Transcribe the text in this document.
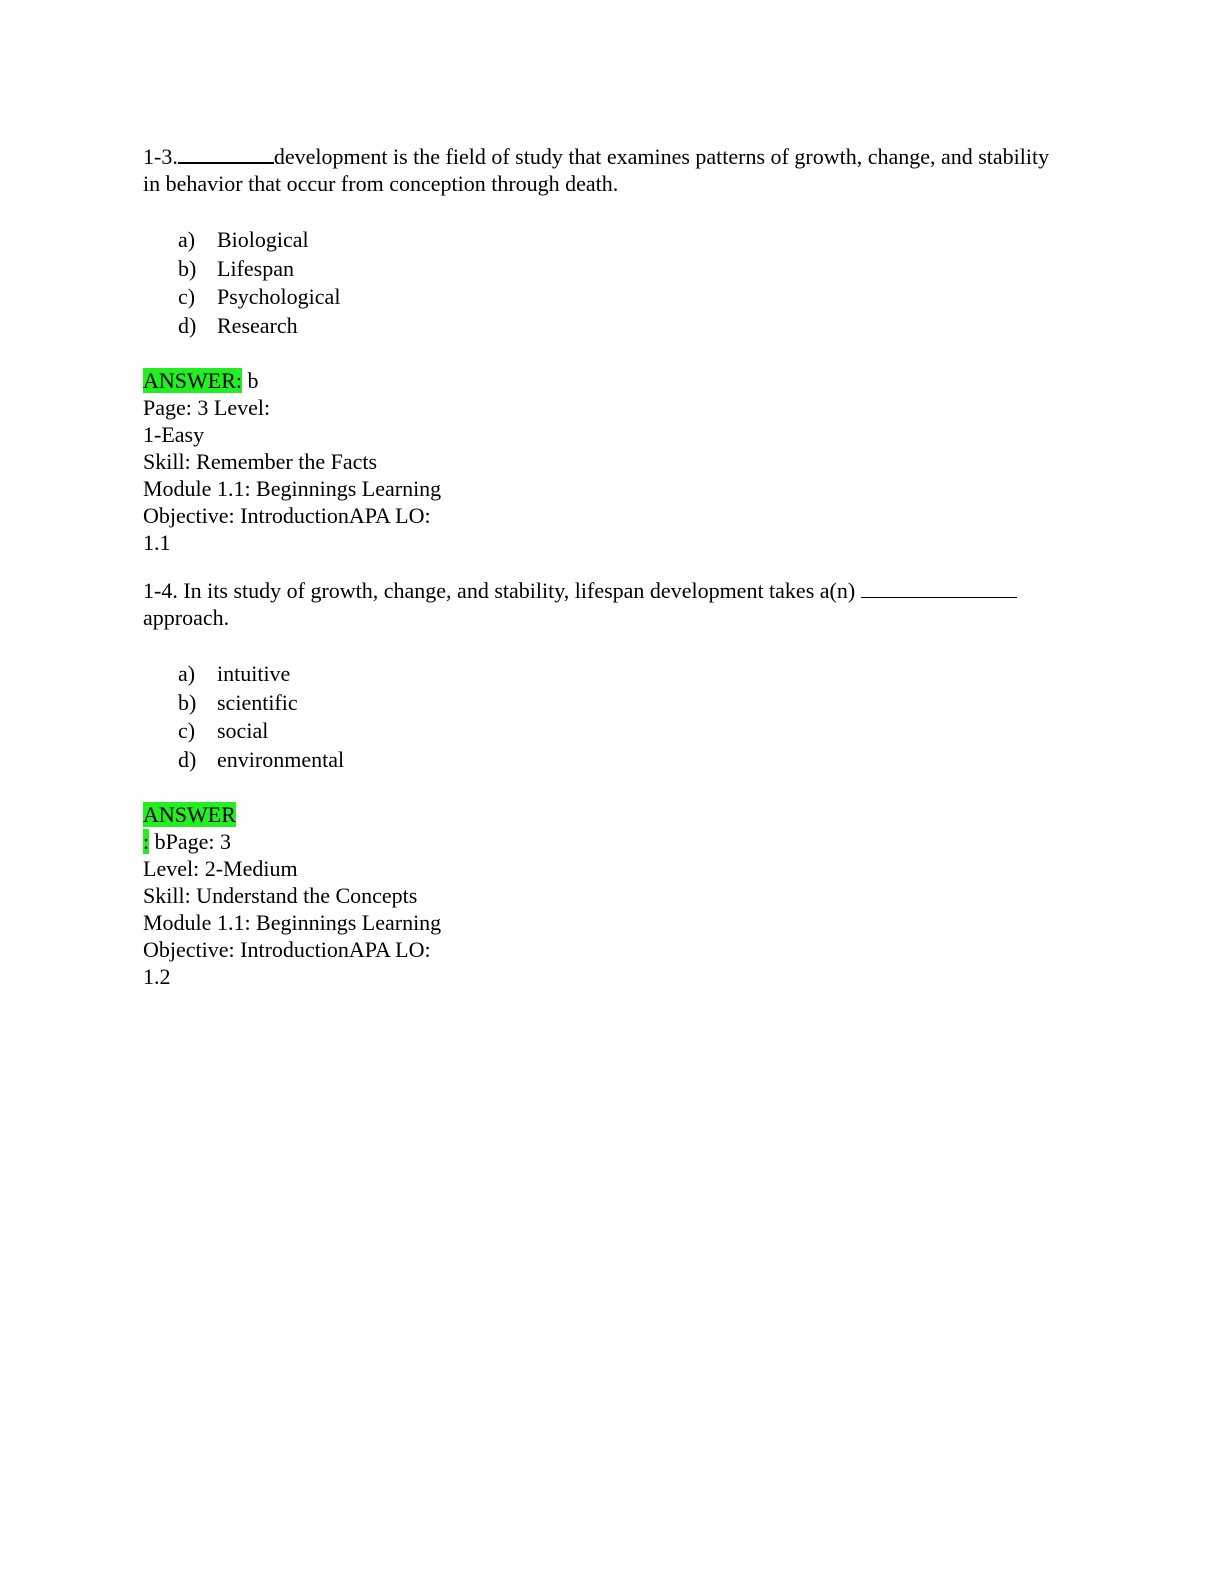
1-3.	development is the field of study that examines patterns of growth, change, and stability in behavior that occur from conception through death.

a) Biological
b) Lifespan
c) Psychological
d) Research
ANSWER: b
Page: 3 Level:
1-Easy
Skill: Remember the Facts
Module 1.1: Beginnings Learning
Objective: IntroductionAPA LO:
1.1

1-4. In its study of growth, change, and stability, lifespan development takes a(n)
approach.

a) intuitive
b) scientific
c) social
d) environmental
ANSWER
: bPage: 3
Level: 2-Medium
Skill: Understand the Concepts
Module 1.1: Beginnings Learning
Objective: IntroductionAPA LO:
1.2
